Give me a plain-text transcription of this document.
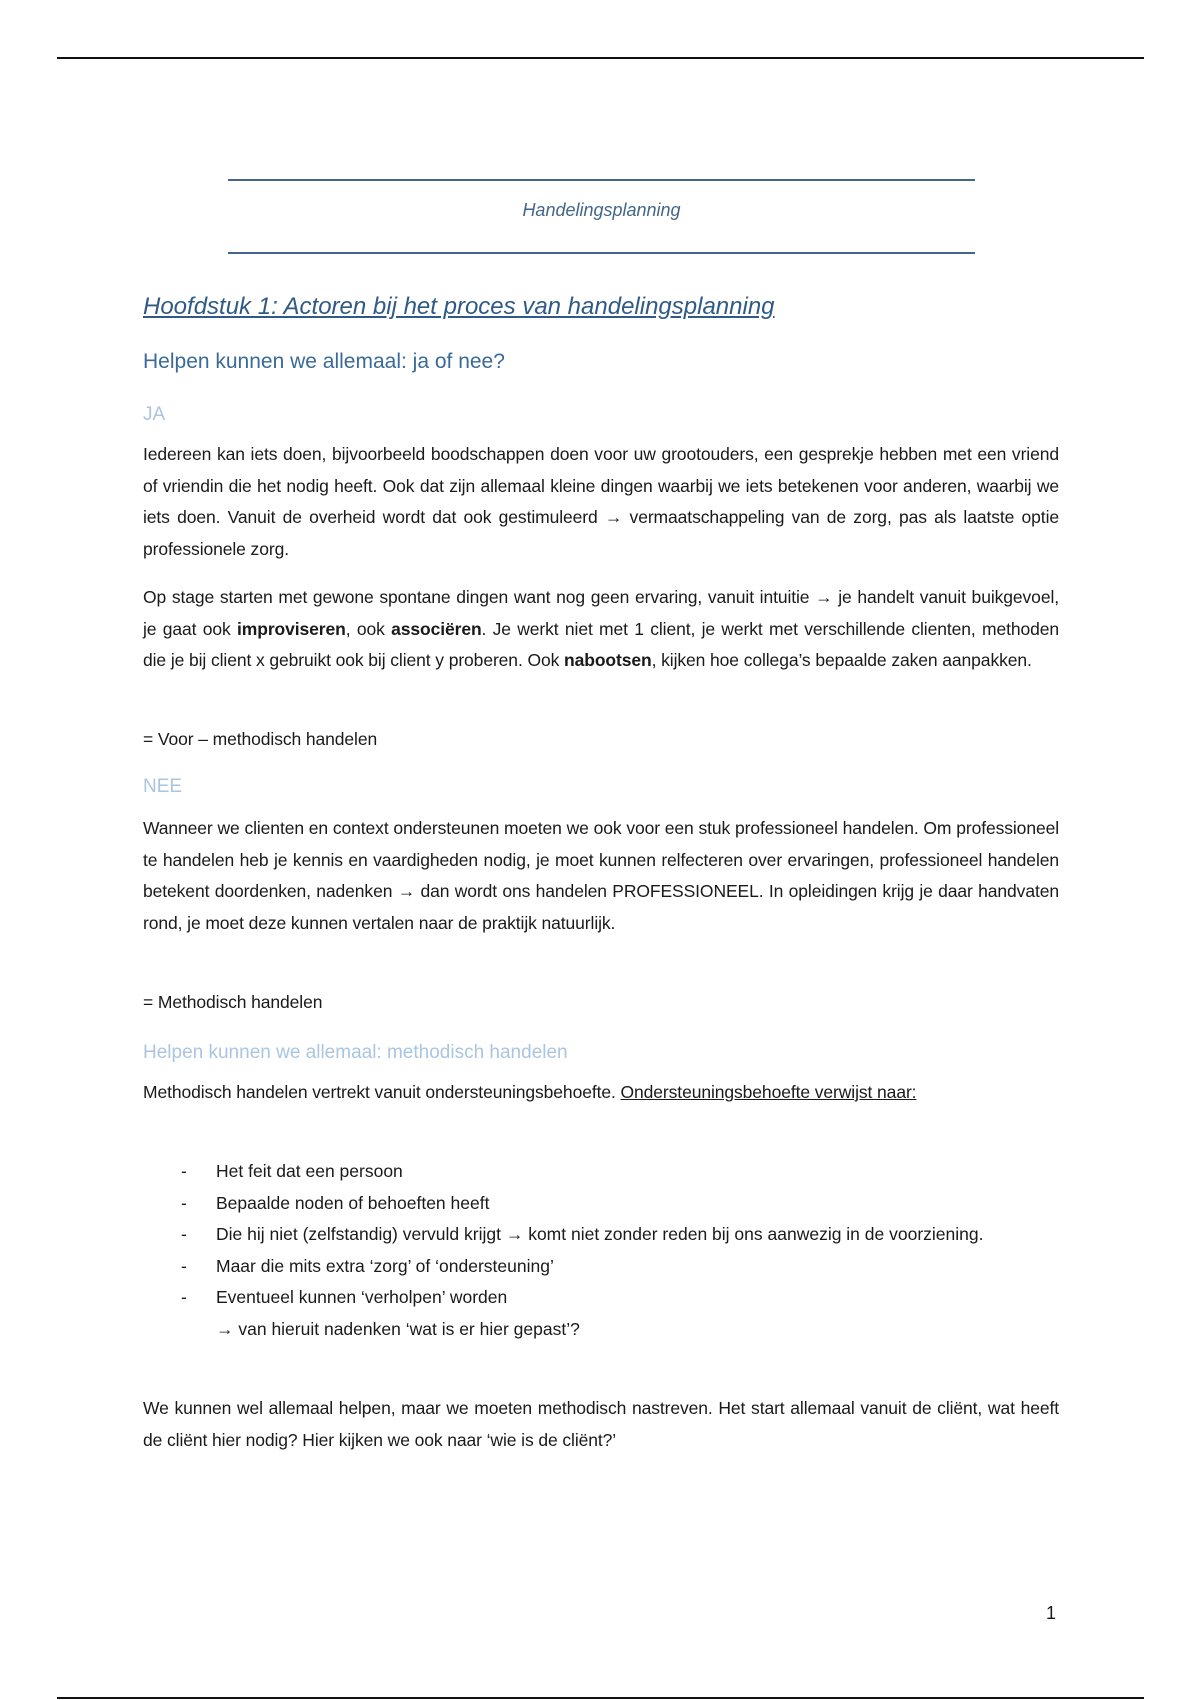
Handelingsplanning
Hoofdstuk 1: Actoren bij het proces van handelingsplanning
Helpen kunnen we allemaal: ja of nee?
JA

Iedereen kan iets doen, bijvoorbeeld boodschappen doen voor uw grootouders, een gesprekje hebben met een vriend of vriendin die het nodig heeft. Ook dat zijn allemaal kleine dingen waarbij we iets betekenen voor anderen, waarbij we iets doen. Vanuit de overheid wordt dat ook gestimuleerd → vermaatschappeling van de zorg, pas als laatste optie professionele zorg.

Op stage starten met gewone spontane dingen want nog geen ervaring, vanuit intuitie → je handelt vanuit buikgevoel, je gaat ook improviseren, ook associëren. Je werkt niet met 1 client, je werkt met verschillende clienten, methoden die je bij client x gebruikt ook bij client y proberen. Ook nabootsen, kijken hoe collega’s bepaalde zaken aanpakken.

= Voor – methodisch handelen

NEE

Wanneer we clienten en context ondersteunen moeten we ook voor een stuk professioneel handelen. Om professioneel te handelen heb je kennis en vaardigheden nodig, je moet kunnen relfecteren over ervaringen, professioneel handelen betekent doordenken, nadenken → dan wordt ons handelen PROFESSIONEEL. In opleidingen krijg je daar handvaten rond, je moet deze kunnen vertalen naar de praktijk natuurlijk.

= Methodisch handelen

Helpen kunnen we allemaal: methodisch handelen

Methodisch handelen vertrekt vanuit ondersteuningsbehoefte. Ondersteuningsbehoefte verwijst naar:

- Het feit dat een persoon
- Bepaalde noden of behoeften heeft
- Die hij niet (zelfstandig) vervuld krijgt → komt niet zonder reden bij ons aanwezig in de voorziening.
- Maar die mits extra ‘zorg’ of ‘ondersteuning’
- Eventueel kunnen ‘verholpen’ worden
→ van hieruit nadenken ‘wat is er hier gepast’?

We kunnen wel allemaal helpen, maar we moeten methodisch nastreven. Het start allemaal vanuit de cliënt, wat heeft de cliënt hier nodig? Hier kijken we ook naar ‘wie is de cliënt?’

1
